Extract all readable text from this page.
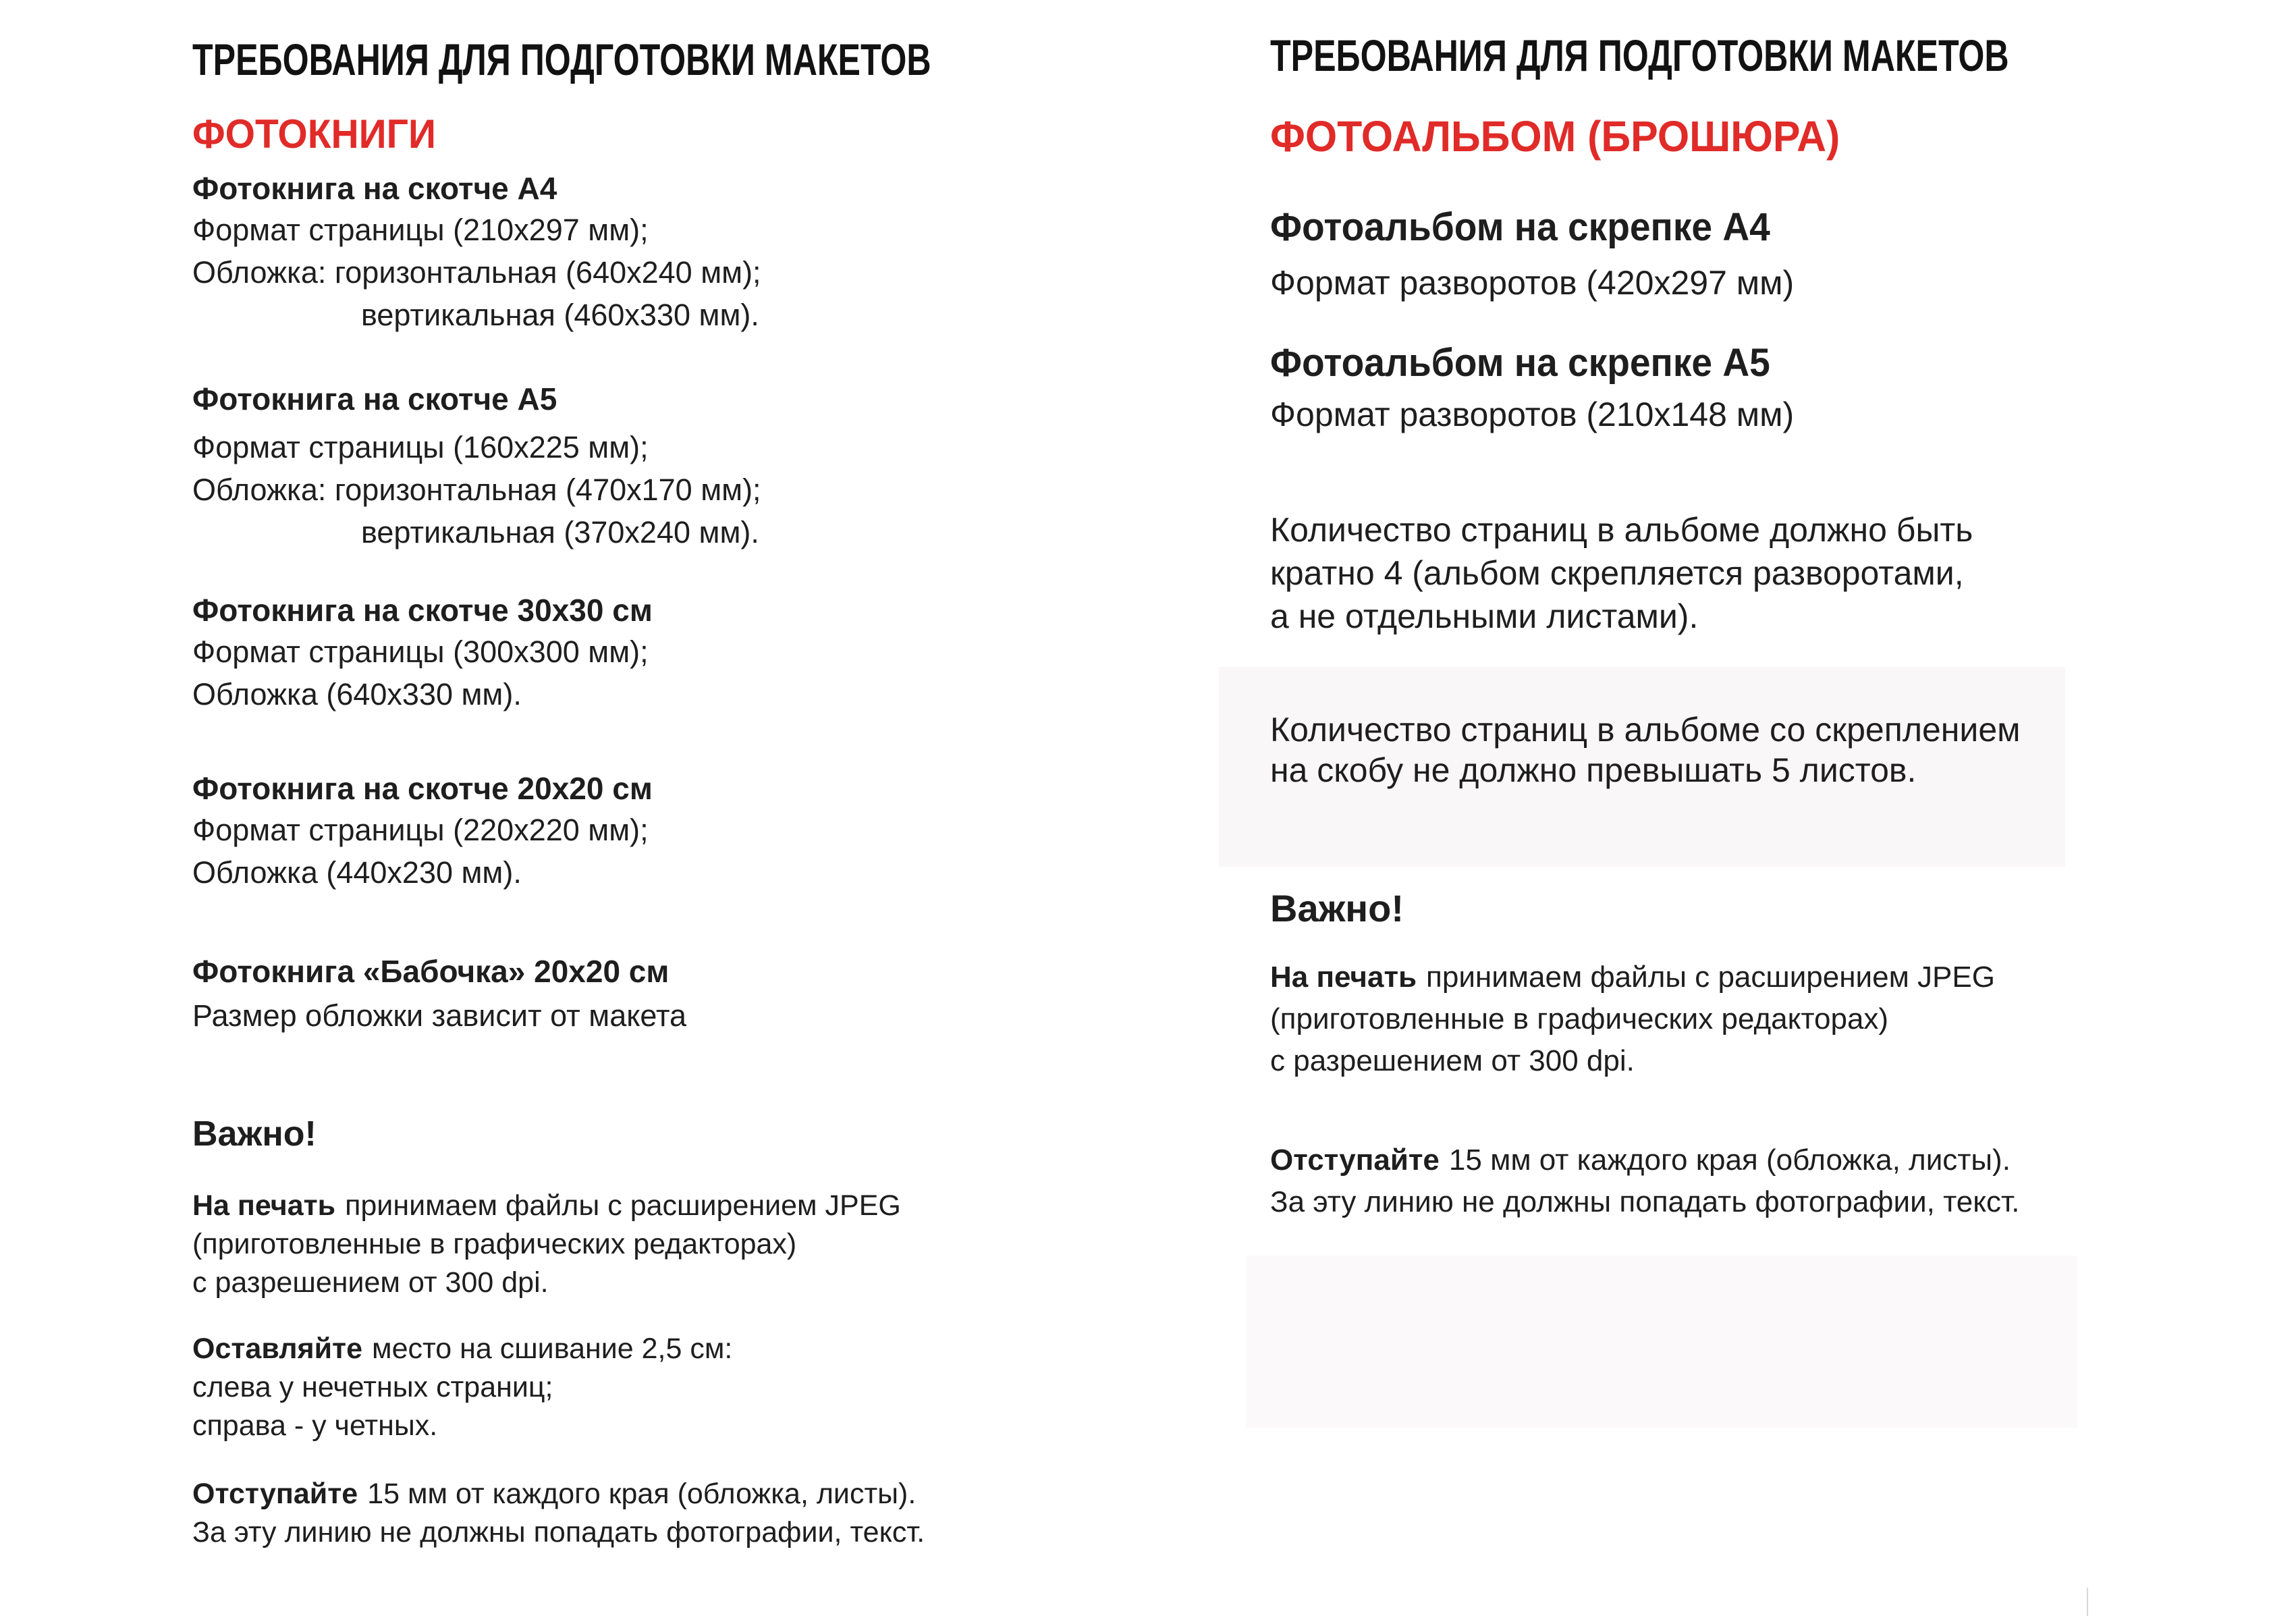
ТРЕБОВАНИЯ ДЛЯ ПОДГОТОВКИ МАКЕТОВ
ФОТОКНИГИ
Фотокнига на скотче А4
Формат страницы (210х297 мм);
Обложка: горизонтальная (640х240 мм);
вертикальная (460х330 мм).
Фотокнига на скотче А5
Формат страницы (160х225 мм);
Обложка: горизонтальная (470х170 мм);
вертикальная (370х240 мм).
Фотокнига на скотче 30х30 см
Формат страницы (300х300 мм);
Обложка (640х330 мм).
Фотокнига на скотче 20х20 см
Формат страницы (220х220 мм);
Обложка (440х230 мм).
Фотокнига «Бабочка» 20х20 см
Размер обложки зависит от макета
Важно!
На печать принимаем файлы с расширением JPEG
(приготовленные в графических редакторах)
с разрешением от 300 dpi.
Оставляйте место на сшивание 2,5 см:
слева у нечетных страниц;
справа - у четных.
Отступайте 15 мм от каждого края (обложка, листы).
За эту линию не должны попадать фотографии, текст.
ТРЕБОВАНИЯ ДЛЯ ПОДГОТОВКИ МАКЕТОВ
ФОТОАЛЬБОМ (БРОШЮРА)
Фотоальбом на скрепке А4
Формат разворотов (420х297 мм)
Фотоальбом на скрепке А5
Формат разворотов (210х148 мм)
Количество страниц в альбоме должно быть
кратно 4 (альбом скрепляется разворотами,
а не отдельными листами).
Количество страниц в альбоме со скреплением
на скобу не должно превышать 5 листов.
Важно!
На печать принимаем файлы с расширением JPEG
(приготовленные в графических редакторах)
с разрешением от 300 dpi.
Отступайте 15 мм от каждого края (обложка, листы).
За эту линию не должны попадать фотографии, текст.
